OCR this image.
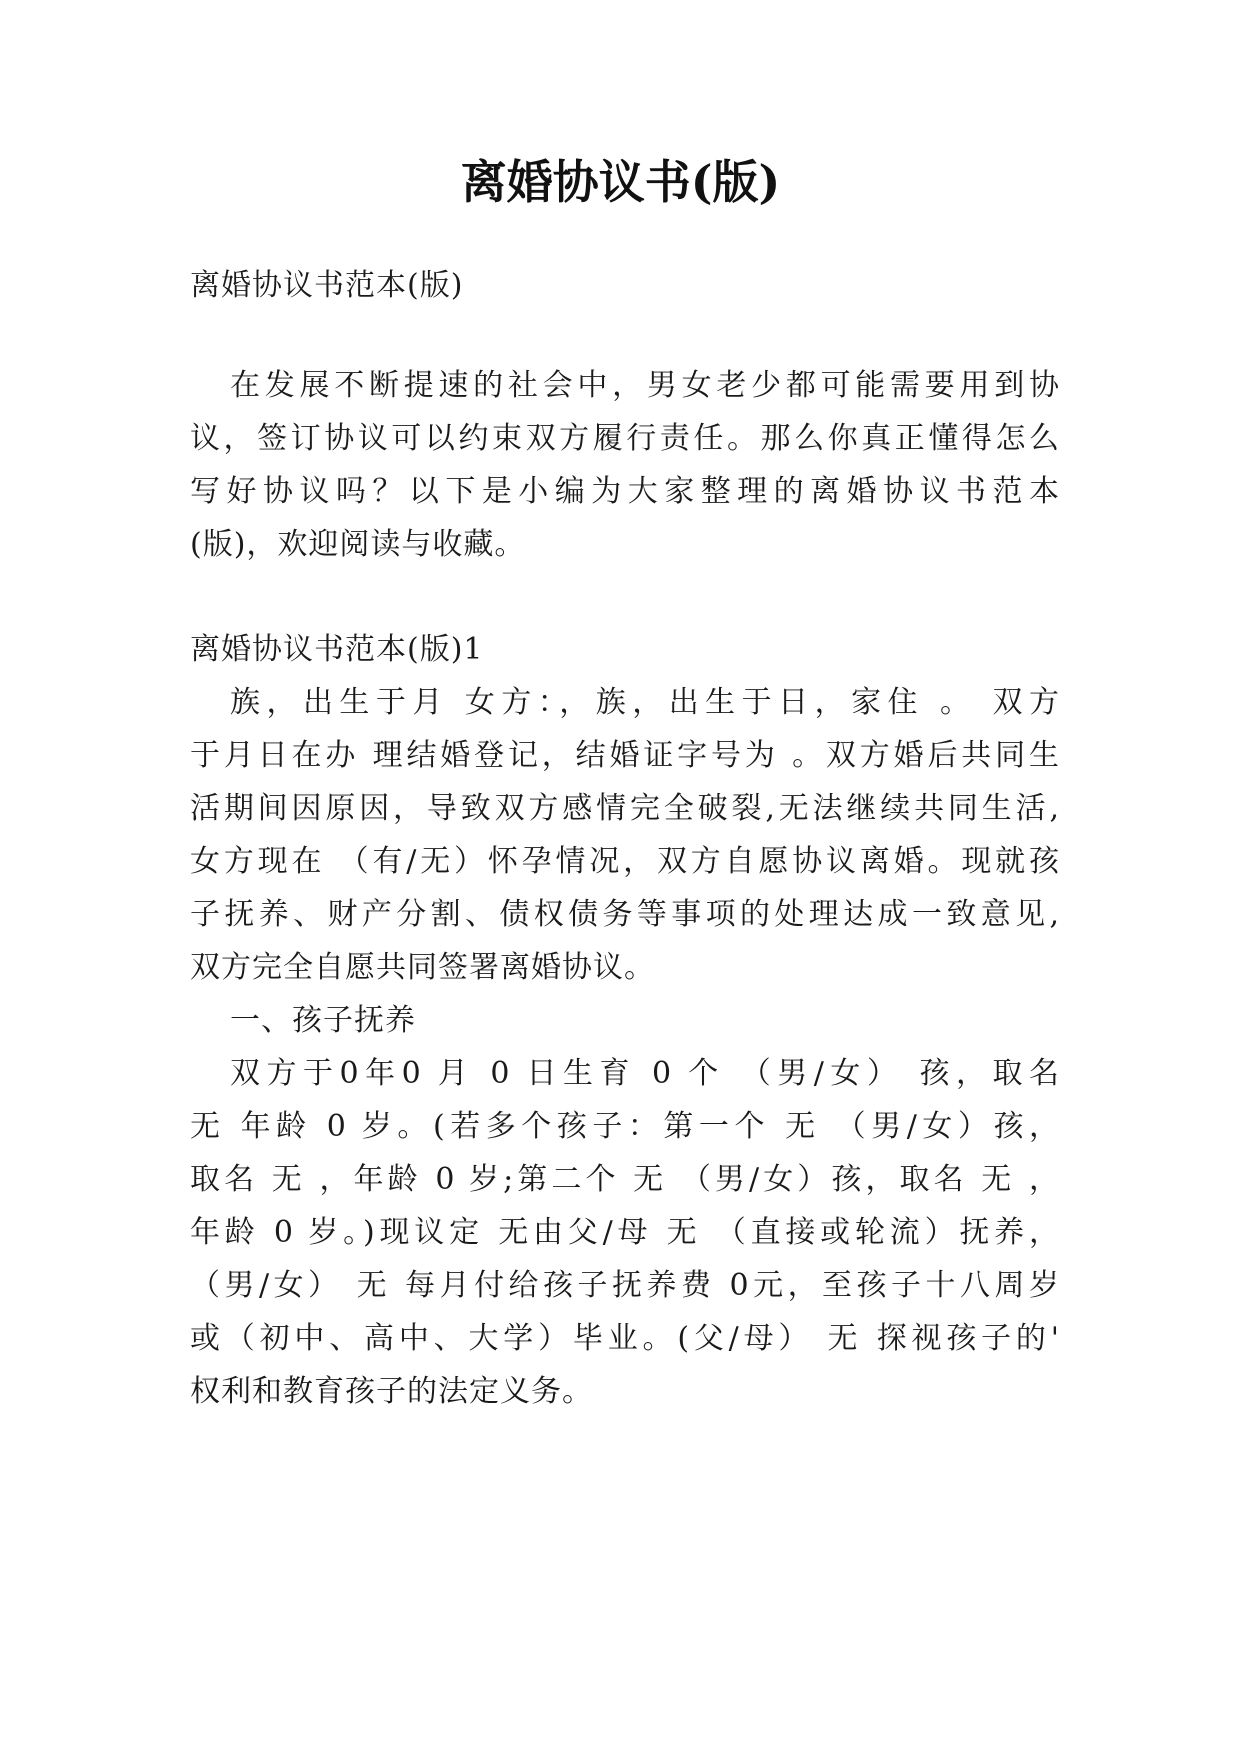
离婚协议书(版)
离婚协议书范本(版)
在发展不断提速的社会中，男女老少都可能需要用到协
议，签订协议可以约束双方履行责任。那么你真正懂得怎么
写好协议吗？以下是小编为大家整理的离婚协议书范本
(版)，欢迎阅读与收藏。
离婚协议书范本(版)1
族，出生于月 女方：，族，出生于日，家住 。 双方
于月日在办 理结婚登记，结婚证字号为 。双方婚后共同生
活期间因原因，导致双方感情完全破裂,无法继续共同生活,
女方现在 （有/无）怀孕情况，双方自愿协议离婚。现就孩
子抚养、财产分割、债权债务等事项的处理达成一致意见,
双方完全自愿共同签署离婚协议。
一、孩子抚养
双方于0年0 月 0 日生育 0 个 （男/女） 孩，取名
无 年龄 0 岁。(若多个孩子：第一个 无 （男/女）孩，
取名 无 ，年龄 0 岁;第二个 无 （男/女）孩，取名 无 ，
年龄 0 岁。)现议定 无由父/母 无 （直接或轮流）抚养，
（男/女） 无 每月付给孩子抚养费 0元，至孩子十八周岁
或（初中、高中、大学）毕业。(父/母） 无 探视孩子的'
权利和教育孩子的法定义务。
